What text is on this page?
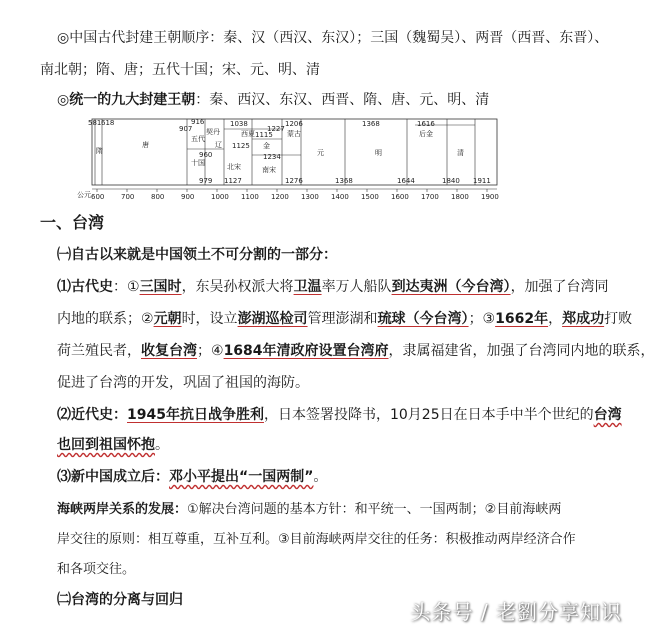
◎中国古代封建王朝顺序：秦、汉（西汉、东汉）；三国（魏蜀吴）、两晋（西晋、东晋）、
南北朝；隋、唐；五代十国；宋、元、明、清
◎统一的九大封建王朝：秦、西汉、东汉、西晋、隋、唐、元、明、清
581 618
907
916	1038
1115
1206
1227
1368	1616
隋
唐
五代
十国
契丹
辽
西夏
金
蒙古
北宋	南宋
元	明	清
后金
960
979
1125
1234
1127	1276	1368	1644	1840 1911
公元 600 700 800 900 1000 1100 1200 1300 1400 1500 1600 1700 1800 1900
一、台湾
㈠自古以来就是中国领土不可分割的一部分：
⑴古代史：①三国时，东吴孙权派大将卫温率万人船队到达夷洲（今台湾），加强了台湾同
内地的联系；②元朝时，设立澎湖巡检司管理澎湖和琉球（今台湾）；③1662年，郑成功打败
荷兰殖民者，收复台湾；④1684年清政府设置台湾府，隶属福建省，加强了台湾同内地的联系，
促进了台湾的开发，巩固了祖国的海防。
⑵近代史：1945年抗日战争胜利，日本签署投降书，10月25日在日本手中半个世纪的台湾
也回到祖国怀抱。
⑶新中国成立后：邓小平提出“一国两制”。
海峡两岸关系的发展：①解决台湾问题的基本方针：和平统一、一国两制；②目前海峡两
岸交往的原则：相互尊重，互补互利。③目前海峡两岸交往的任务：积极推动两岸经济合作
和各项交往。
㈡台湾的分离与回归	头条号 / 老劉分享知识
